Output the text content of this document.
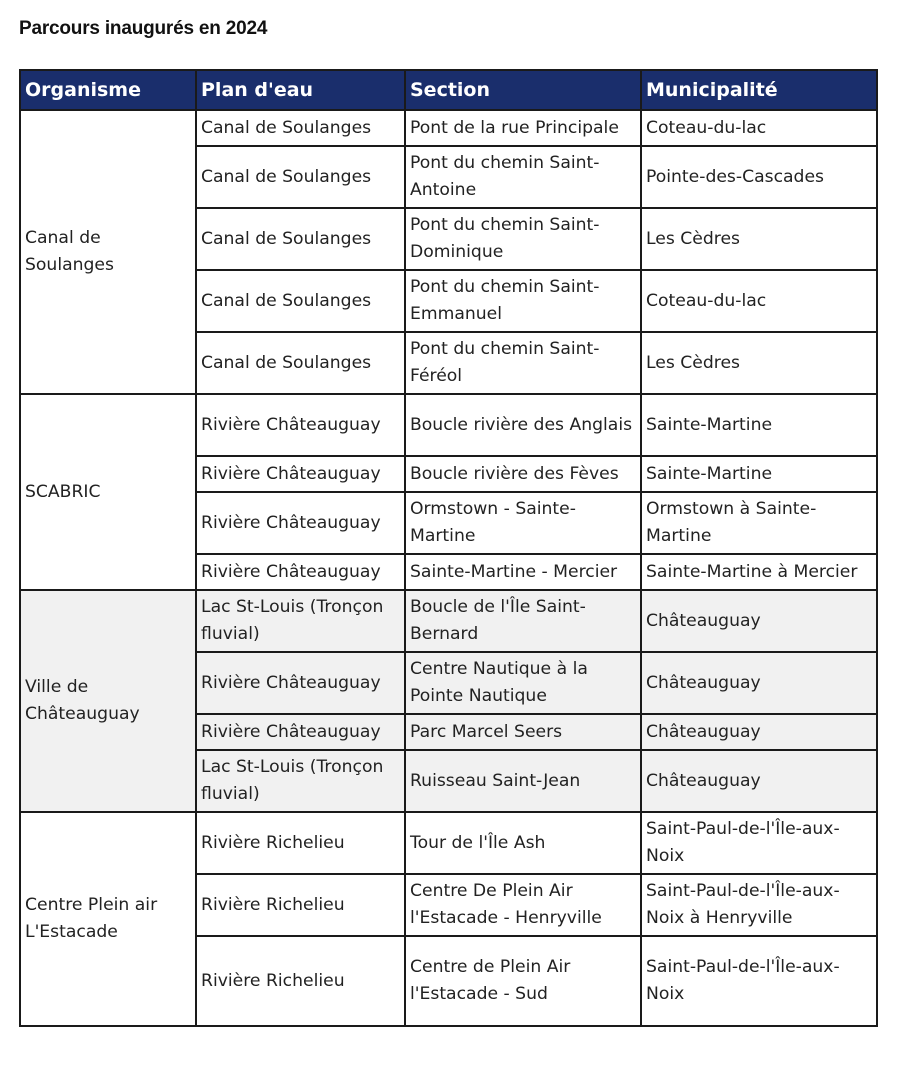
Parcours inaugurés en 2024
Organisme	Plan d'eau	Section	Municipalité
Canal de Soulanges	Canal de Soulanges	Pont de la rue Principale	Coteau-du-lac
	Canal de Soulanges	Pont du chemin Saint-Antoine	Pointe-des-Cascades
	Canal de Soulanges	Pont du chemin Saint-Dominique	Les Cèdres
	Canal de Soulanges	Pont du chemin Saint-Emmanuel	Coteau-du-lac
	Canal de Soulanges	Pont du chemin Saint-Féréol	Les Cèdres
SCABRIC	Rivière Châteauguay	Boucle rivière des Anglais	Sainte-Martine
	Rivière Châteauguay	Boucle rivière des Fèves	Sainte-Martine
	Rivière Châteauguay	Ormstown - Sainte-Martine	Ormstown à Sainte-Martine
	Rivière Châteauguay	Sainte-Martine - Mercier	Sainte-Martine à Mercier
Ville de Châteauguay	Lac St-Louis (Tronçon fluvial)	Boucle de l'Île Saint-Bernard	Châteauguay
	Rivière Châteauguay	Centre Nautique à la Pointe Nautique	Châteauguay
	Rivière Châteauguay	Parc Marcel Seers	Châteauguay
	Lac St-Louis (Tronçon fluvial)	Ruisseau Saint-Jean	Châteauguay
Centre Plein air L'Estacade	Rivière Richelieu	Tour de l'Île Ash	Saint-Paul-de-l'Île-aux-Noix
	Rivière Richelieu	Centre De Plein Air l'Estacade - Henryville	Saint-Paul-de-l'Île-aux-Noix à Henryville
	Rivière Richelieu	Centre de Plein Air l'Estacade - Sud	Saint-Paul-de-l'Île-aux-Noix
